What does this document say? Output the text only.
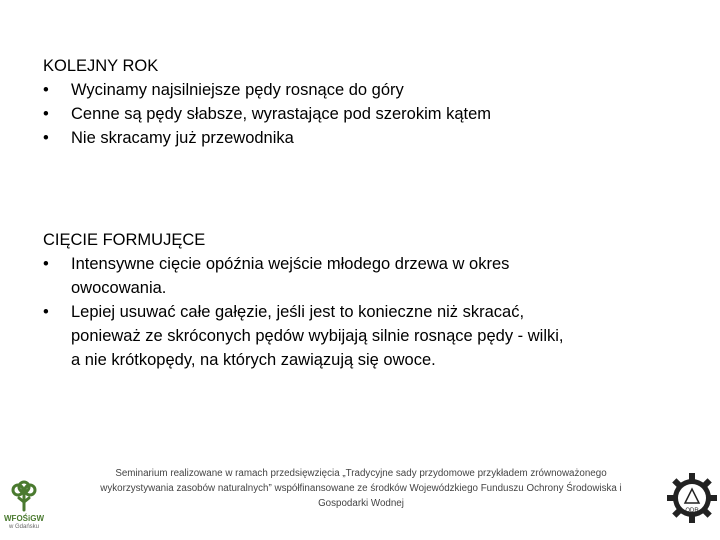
KOLEJNY ROK
•	Wycinamy najsilniejsze pędy rosnące do góry
•	Cenne są pędy słabsze, wyrastające pod szerokim kątem
•	Nie skracamy już przewodnika
CIĘCIE FORMUJĘCE
•	Intensywne cięcie opóźnia wejście młodego drzewa w okres
owocowania.
•	Lepiej usuwać całe gałęzie, jeśli jest to konieczne niż skracać,
ponieważ ze skróconych pędów wybijają silnie rosnące pędy - wilki,
a nie krótkopędy, na których zawiązują się owoce.
WFOŚiGW
w Gdańsku
Seminarium realizowane w ramach przedsięwzięcia „Tradycyjne sady przydomowe przykładem zrównoważonego
wykorzystywania zasobów naturalnych” współfinansowane ze środków Wojewódzkiego Funduszu Ochrony Środowiska i
Gospodarki Wodnej
ODR
